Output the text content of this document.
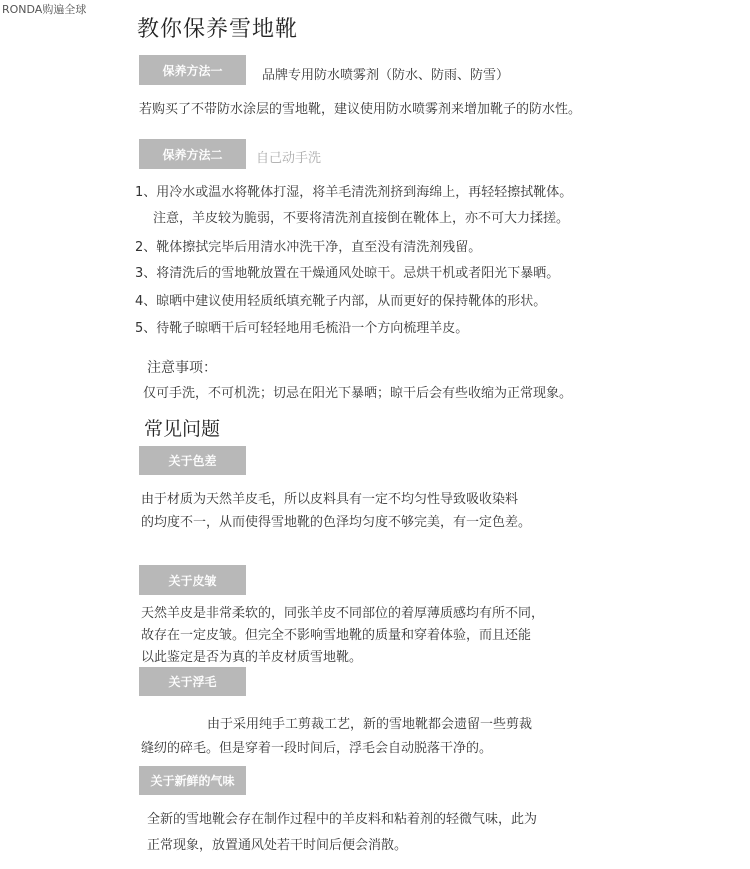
RONDA购遍全球
教你保养雪地靴
保养方法一	品牌专用防水喷雾剂（防水、防雨、防雪）
若购买了不带防水涂层的雪地靴，建议使用防水喷雾剂来增加靴子的防水性。
保养方法二	自己动手洗
1、用冷水或温水将靴体打湿，将羊毛清洗剂挤到海绵上，再轻轻擦拭靴体。
注意，羊皮较为脆弱，不要将清洗剂直接倒在靴体上，亦不可大力揉搓。
2、靴体擦拭完毕后用清水冲洗干净，直至没有清洗剂残留。
3、将清洗后的雪地靴放置在干燥通风处晾干。忌烘干机或者阳光下暴晒。
4、晾晒中建议使用轻质纸填充靴子内部，从而更好的保持靴体的形状。
5、待靴子晾晒干后可轻轻地用毛梳沿一个方向梳理羊皮。
注意事项：
仅可手洗，不可机洗；切忌在阳光下暴晒；晾干后会有些收缩为正常现象。
常见问题
关于色差
由于材质为天然羊皮毛，所以皮料具有一定不均匀性导致吸收染料
的均度不一，从而使得雪地靴的色泽均匀度不够完美，有一定色差。
关于皮皱
天然羊皮是非常柔软的，同张羊皮不同部位的着厚薄质感均有所不同，
故存在一定皮皱。但完全不影响雪地靴的质量和穿着体验，而且还能
以此鉴定是否为真的羊皮材质雪地靴。
关于浮毛
由于采用纯手工剪裁工艺，新的雪地靴都会遗留一些剪裁
缝纫的碎毛。但是穿着一段时间后，浮毛会自动脱落干净的。
关于新鲜的气味
全新的雪地靴会存在制作过程中的羊皮料和粘着剂的轻微气味，此为
正常现象，放置通风处若干时间后便会消散。
